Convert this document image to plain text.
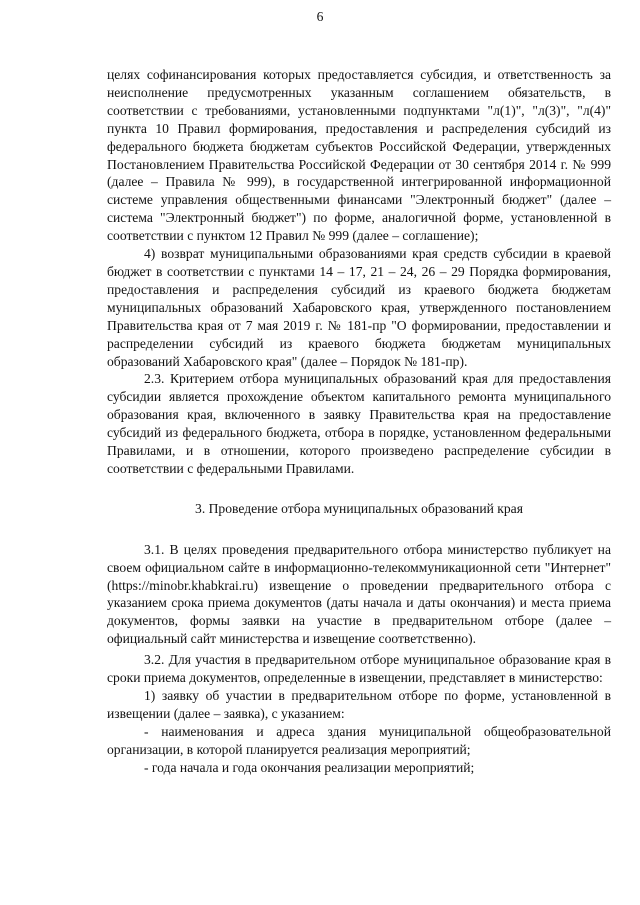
6

целях софинансирования которых предоставляется субсидия, и ответственность за неисполнение предусмотренных указанным соглашением обязательств, в соответствии с требованиями, установленными подпунктами "л(1)", "л(3)", "л(4)" пункта 10 Правил формирования, предоставления и распределения субсидий из федерального бюджета бюджетам субъектов Российской Федерации, утвержденных Постановлением Правительства Российской Федерации от 30 сентября 2014 г. № 999 (далее – Правила № 999), в государственной интегрированной информационной системе управления общественными финансами "Электронный бюджет" (далее – система "Электронный бюджет") по форме, аналогичной форме, установленной в соответствии с пунктом 12 Правил № 999 (далее – соглашение);

4) возврат муниципальными образованиями края средств субсидии в краевой бюджет в соответствии с пунктами 14 – 17, 21 – 24, 26 – 29 Порядка формирования, предоставления и распределения субсидий из краевого бюджета бюджетам муниципальных образований Хабаровского края, утвержденного постановлением Правительства края от 7 мая 2019 г. № 181-пр "О формировании, предоставлении и распределении субсидий из краевого бюджета бюджетам муниципальных образований Хабаровского края" (далее – Порядок № 181-пр).

2.3. Критерием отбора муниципальных образований края для предоставления субсидии является прохождение объектом капитального ремонта муниципального образования края, включенного в заявку Правительства края на предоставление субсидий из федерального бюджета, отбора в порядке, установленном федеральными Правилами, и в отношении, которого произведено распределение субсидии в соответствии с федеральными Правилами.

3. Проведение отбора муниципальных образований края

3.1. В целях проведения предварительного отбора министерство публикует на своем официальном сайте в информационно-телекоммуникационной сети "Интернет" (https://minobr.khabkrai.ru) извещение о проведении предварительного отбора с указанием срока приема документов (даты начала и даты окончания) и места приема документов, формы заявки на участие в предварительном отборе (далее – официальный сайт министерства и извещение соответственно).

3.2. Для участия в предварительном отборе муниципальное образование края в сроки приема документов, определенные в извещении, представляет в министерство:

1) заявку об участии в предварительном отборе по форме, установленной в извещении (далее – заявка), с указанием:

- наименования и адреса здания муниципальной общеобразовательной организации, в которой планируется реализация мероприятий;

- года начала и года окончания реализации мероприятий;
